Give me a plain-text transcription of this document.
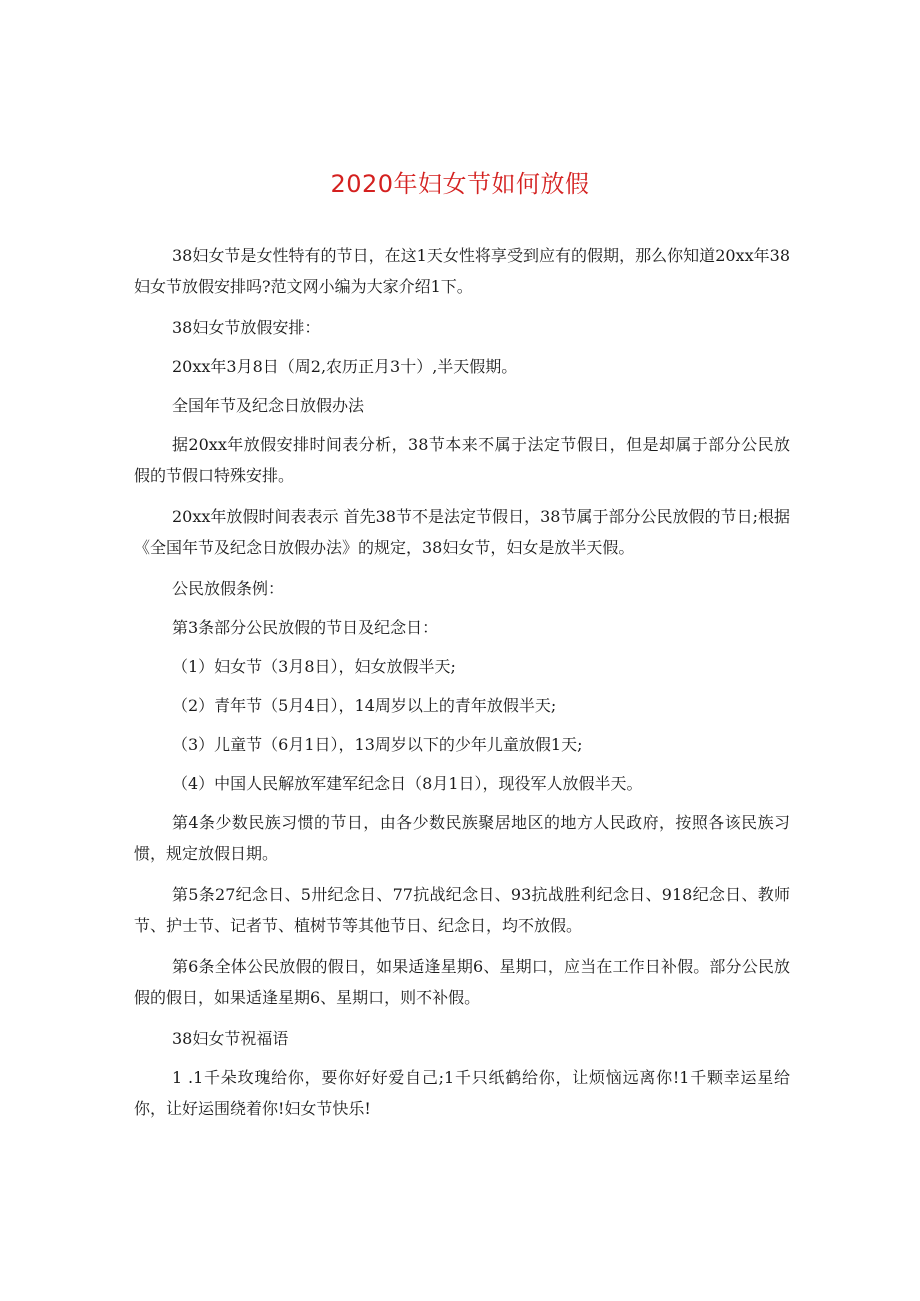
2020年妇女节如何放假

38妇女节是女性特有的节日，在这1天女性将享受到应有的假期，那么你知道20xx年38妇女节放假安排吗?范文网小编为大家介绍1下。

38妇女节放假安排：

20xx年3月8日（周2,农历正月3十）,半天假期。

全国年节及纪念日放假办法

据20xx年放假安排时间表分析，38节本来不属于法定节假日，但是却属于部分公民放假的节假口特殊安排。

20xx年放假时间表表示 首先38节不是法定节假日，38节属于部分公民放假的节日;根据《全国年节及纪念日放假办法》的规定，38妇女节，妇女是放半天假。

公民放假条例：

第3条部分公民放假的节日及纪念日：

（1）妇女节（3月8日），妇女放假半天;

（2）青年节（5月4日），14周岁以上的青年放假半天;

（3）儿童节（6月1日），13周岁以下的少年儿童放假1天;

（4）中国人民解放军建军纪念日（8月1日），现役军人放假半天。

第4条少数民族习惯的节日，由各少数民族聚居地区的地方人民政府，按照各该民族习惯，规定放假日期。

第5条27纪念日、5卅纪念日、77抗战纪念日、93抗战胜利纪念日、918纪念日、教师节、护士节、记者节、植树节等其他节日、纪念日，均不放假。

第6条全体公民放假的假日，如果适逢星期6、星期口，应当在工作日补假。部分公民放假的假日，如果适逢星期6、星期口，则不补假。

38妇女节祝福语

1 .1千朵玫瑰给你，要你好好爱自己;1千只纸鹤给你，让烦恼远离你!1千颗幸运星给你，让好运围绕着你!妇女节快乐!
